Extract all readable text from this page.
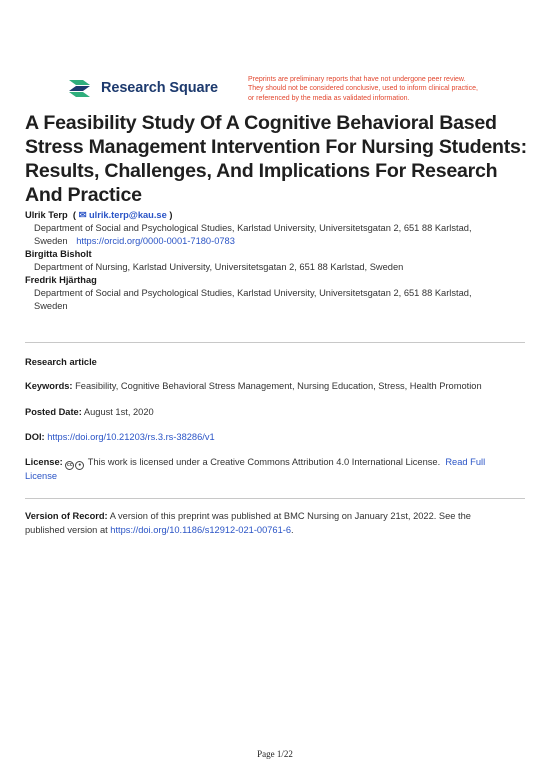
Research Square
Preprints are preliminary reports that have not undergone peer review.
They should not be considered conclusive, used to inform clinical practice,
or referenced by the media as validated information.
A Feasibility Study Of A Cognitive Behavioral Based Stress Management Intervention For Nursing Students: Results, Challenges, And Implications For Research And Practice
Ulrik Terp  ( ✉ ulrik.terp@kau.se )
Department of Social and Psychological Studies, Karlstad University, Universitetsgatan 2, 651 88 Karlstad,
Sweden https://orcid.org/0000-0001-7180-0783
Birgitta Bisholt
Department of Nursing, Karlstad University, Universitetsgatan 2, 651 88 Karlstad, Sweden
Fredrik Hjärthag
Department of Social and Psychological Studies, Karlstad University, Universitetsgatan 2, 651 88 Karlstad,
Sweden
Research article
Keywords: Feasibility, Cognitive Behavioral Stress Management, Nursing Education, Stress, Health Promotion
Posted Date: August 1st, 2020
DOI: https://doi.org/10.21203/rs.3.rs-38286/v1
License: cc ● This work is licensed under a Creative Commons Attribution 4.0 International License. Read Full
License
Version of Record: A version of this preprint was published at BMC Nursing on January 21st, 2022. See the
published version at https://doi.org/10.1186/s12912-021-00761-6.
Page 1/22
